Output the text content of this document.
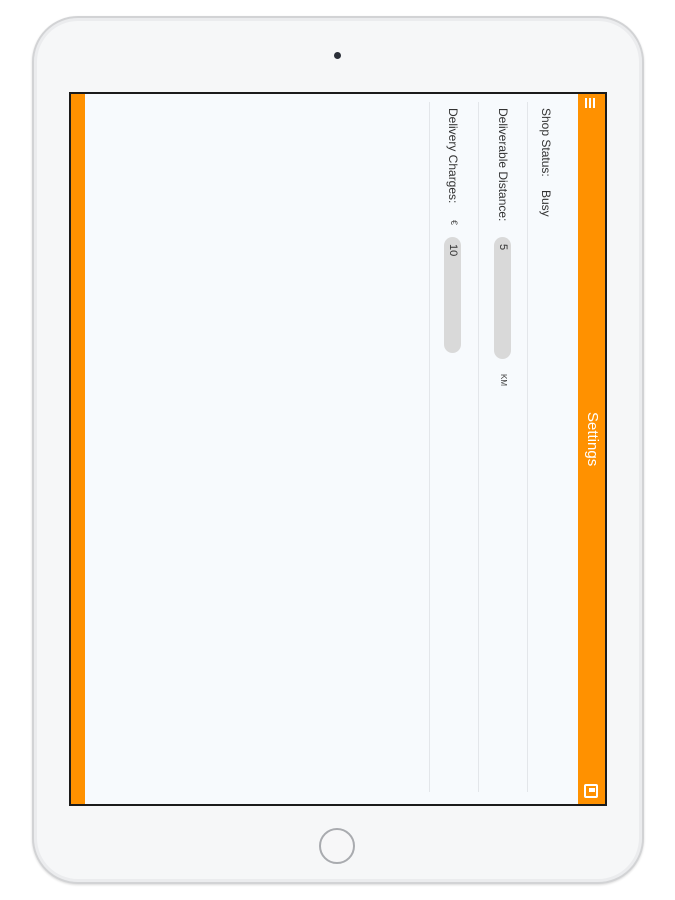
Settings
Shop Status:
Busy
Deliverable Distance:
5
KM
Delivery Charges:
€
10
